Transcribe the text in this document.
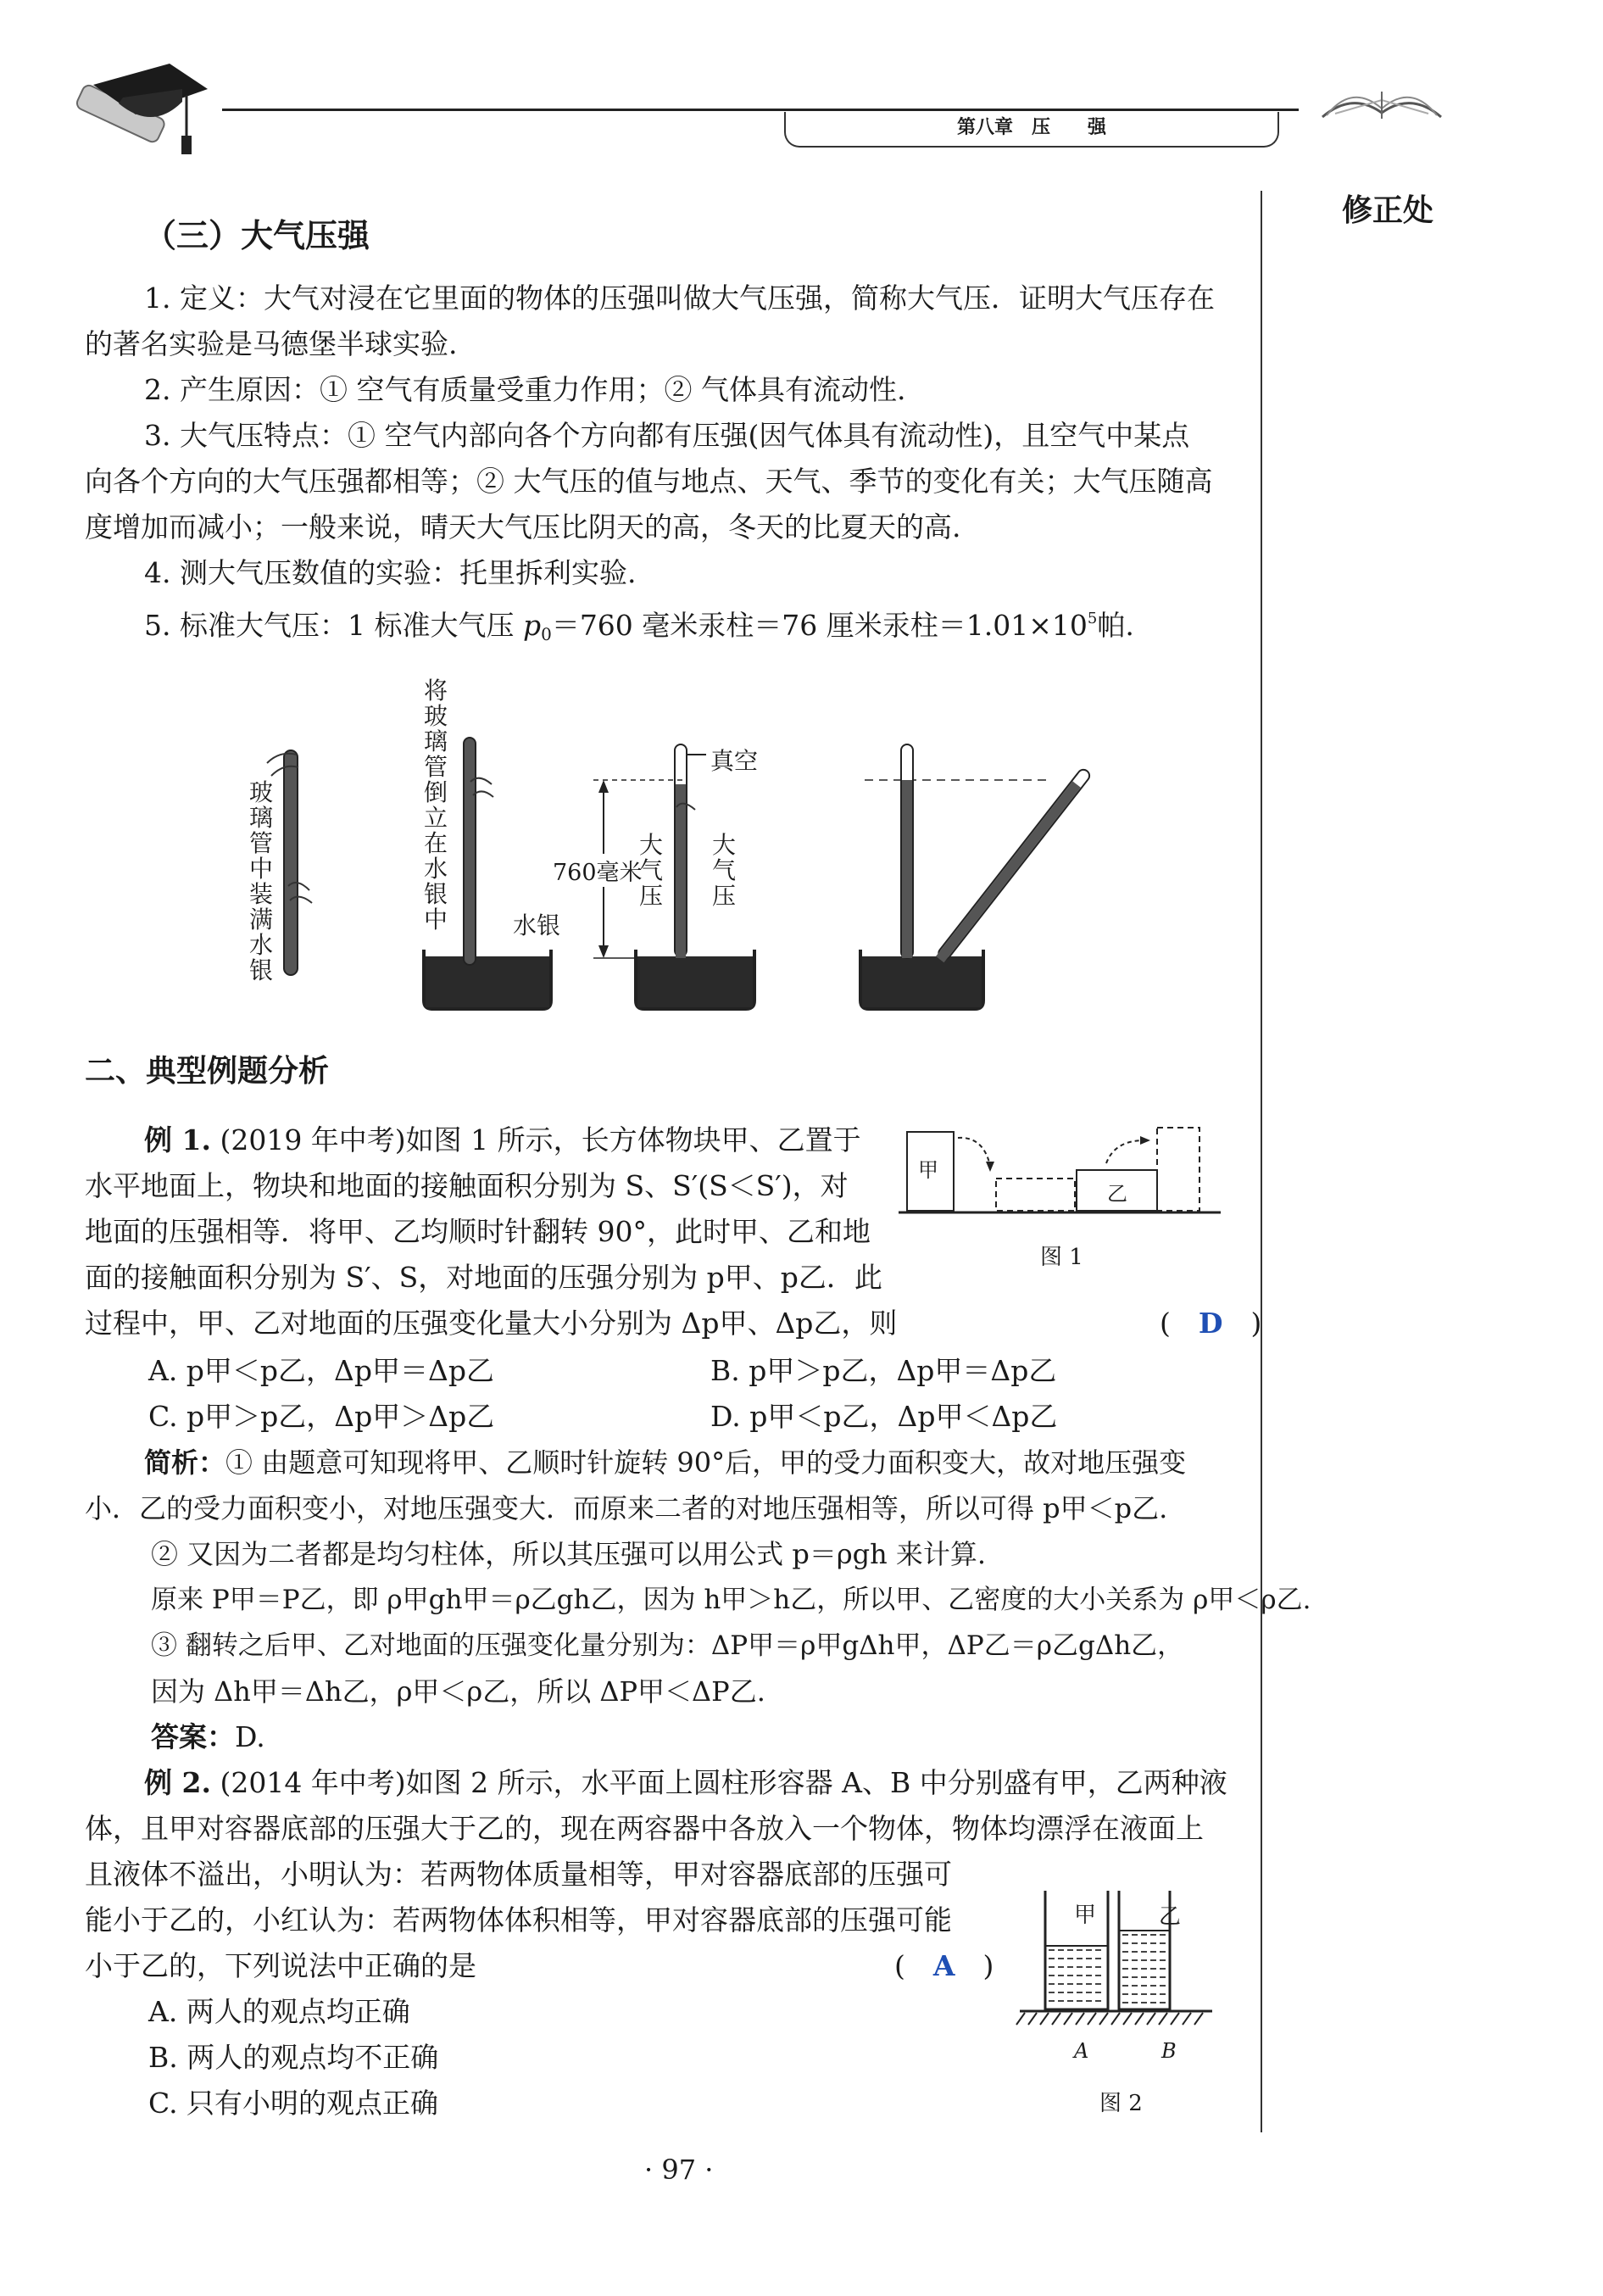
第八章　压　　强
修正处
（三）大气压强
1. 定义：大气对浸在它里面的物体的压强叫做大气压强，简称大气压．证明大气压存在
的著名实验是马德堡半球实验.
2. 产生原因：① 空气有质量受重力作用；② 气体具有流动性.
3. 大气压特点：① 空气内部向各个方向都有压强(因气体具有流动性)，且空气中某点
向各个方向的大气压强都相等；② 大气压的值与地点、天气、季节的变化有关；大气压随高
度增加而减小；一般来说，晴天大气压比阴天的高，冬天的比夏天的高.
4. 测大气压数值的实验：托里拆利实验.
5. 标准大气压：1 标准大气压 $p_0=760$ 毫米汞柱＝76 厘米汞柱$=1.01\times 10^5$帕.
玻璃管中装满水银
将玻璃管倒立在水银中	水银
真空
760毫米
大气压
大气压
二、典型例题分析
例 1. (2019 年中考)如图 1 所示，长方体物块甲、乙置于
水平地面上，物块和地面的接触面积分别为 S、S′(S＜S′)，对
地面的压强相等．将甲、乙均顺时针翻转 90°，此时甲、乙和地
面的接触面积分别为 S′、S，对地面的压强分别为 p甲、p乙．此
过程中，甲、乙对地面的压强变化量大小分别为 Δp甲、Δp乙，则	(　D　)
甲
乙
图 1
A. p甲＜p乙，Δp甲＝Δp乙	B. p甲＞p乙，Δp甲＝Δp乙
C. p甲＞p乙，Δp甲＞Δp乙	D. p甲＜p乙，Δp甲＜Δp乙
简析：① 由题意可知现将甲、乙顺时针旋转 90°后，甲的受力面积变大，故对地压强变
小．乙的受力面积变小，对地压强变大．而原来二者的对地压强相等，所以可得 p甲＜p乙.
② 又因为二者都是均匀柱体，所以其压强可以用公式 p＝ρgh 来计算.
原来 P甲＝P乙，即 ρ甲gh甲＝ρ乙gh乙，因为 h甲＞h乙，所以甲、乙密度的大小关系为 ρ甲＜ρ乙.
③ 翻转之后甲、乙对地面的压强变化量分别为：ΔP甲＝ρ甲gΔh甲，ΔP乙＝ρ乙gΔh乙，
因为 Δh甲＝Δh乙，ρ甲＜ρ乙，所以 ΔP甲＜ΔP乙.
答案：D.
例 2. (2014 年中考)如图 2 所示，水平面上圆柱形容器 A、B 中分别盛有甲，乙两种液
体，且甲对容器底部的压强大于乙的，现在两容器中各放入一个物体，物体均漂浮在液面上
且液体不溢出，小明认为：若两物体质量相等，甲对容器底部的压强可
能小于乙的，小红认为：若两物体体积相等，甲对容器底部的压强可能
小于乙的，下列说法中正确的是	(　A　)
A. 两人的观点均正确
B. 两人的观点均不正确
C. 只有小明的观点正确
甲	乙
A	B
图 2
· 97 ·
